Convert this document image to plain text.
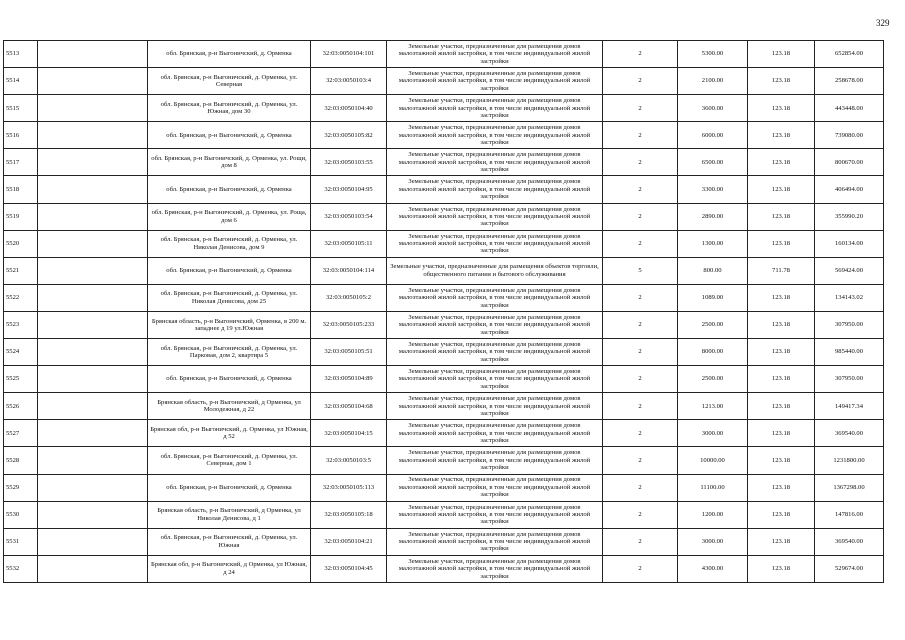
329
5513		обл. Брянская, р-н Выгоничский, д. Орменка	32:03:0050104:101	Земельные участки, предназначенные для размещения домов малоэтажной жилой застройки, в том числе индивидуальной жилой застройки	2	5300.00	123.18	652854.00
5514		обл. Брянская, р-н Выгоничский, д. Орменка, ул. Северная	32:03:0050103:4	Земельные участки, предназначенные для размещения домов малоэтажной жилой застройки, в том числе индивидуальной жилой застройки	2	2100.00	123.18	258678.00
5515		обл. Брянская, р-н Выгоничский, д. Орменка, ул. Южная, дом 30	32:03:0050104:40	Земельные участки, предназначенные для размещения домов малоэтажной жилой застройки, в том числе индивидуальной жилой застройки	2	3600.00	123.18	443448.00
5516		обл. Брянская, р-н Выгоничский, д. Орменка	32:03:0050105:82	Земельные участки, предназначенные для размещения домов малоэтажной жилой застройки, в том числе индивидуальной жилой застройки	2	6000.00	123.18	739080.00
5517		обл. Брянская, р-н Выгоничский, д. Орменка, ул. Рощи, дом 8	32:03:0050103:55	Земельные участки, предназначенные для размещения домов малоэтажной жилой застройки, в том числе индивидуальной жилой застройки	2	6500.00	123.18	800670.00
5518		обл. Брянская, р-н Выгоничский, д. Орменка	32:03:0050104:95	Земельные участки, предназначенные для размещения домов малоэтажной жилой застройки, в том числе индивидуальной жилой застройки	2	3300.00	123.18	406494.00
5519		обл. Брянская, р-н Выгоничский, д. Орменка, ул. Роща, дом 6	32:03:0050103:54	Земельные участки, предназначенные для размещения домов малоэтажной жилой застройки, в том числе индивидуальной жилой застройки	2	2890.00	123.18	355990.20
5520		обл. Брянская, р-н Выгоничский, д. Орменка, ул. Николая Денисова, дом 9	32:03:0050105:11	Земельные участки, предназначенные для размещения домов малоэтажной жилой застройки, в том числе индивидуальной жилой застройки	2	1300.00	123.18	160134.00
5521		обл. Брянская, р-н Выгоничский, д. Орменка	32:03:0050104:114	Земельные участки, предназначенные для размещения объектов торговли, общественного питания и бытового обслуживания	5	800.00	711.78	569424.00
5522		обл. Брянская, р-н Выгоничский, д. Орменка, ул. Николая Денисова, дом 25	32:03:0050105:2	Земельные участки, предназначенные для размещения домов малоэтажной жилой застройки, в том числе индивидуальной жилой застройки	2	1089.00	123.18	134143.02
5523		Брянская область, р-н Выгоничский, Орменка, в 200 м. западнее д 19 ул.Южная	32:03:0050105:233	Земельные участки, предназначенные для размещения домов малоэтажной жилой застройки, в том числе индивидуальной жилой застройки	2	2500.00	123.18	307950.00
5524		обл. Брянская, р-н Выгоничский, д. Орменка, ул. Парковая, дом 2, квартира 5	32:03:0050105:51	Земельные участки, предназначенные для размещения домов малоэтажной жилой застройки, в том числе индивидуальной жилой застройки	2	8000.00	123.18	985440.00
5525		обл. Брянская, р-н Выгоничский, д. Орменка	32:03:0050104:89	Земельные участки, предназначенные для размещения домов малоэтажной жилой застройки, в том числе индивидуальной жилой застройки	2	2500.00	123.18	307950.00
5526		Брянская область, р-н Выгоничский, д Орменка, ул Молодежная, д 22	32:03:0050104:68	Земельные участки, предназначенные для размещения домов малоэтажной жилой застройки, в том числе индивидуальной жилой застройки	2	1213.00	123.18	149417.34
5527		Брянская обл, р-н Выгоничский, д. Орменка, ул Южная, д 52	32:03:0050104:15	Земельные участки, предназначенные для размещения домов малоэтажной жилой застройки, в том числе индивидуальной жилой застройки	2	3000.00	123.18	369540.00
5528		обл. Брянская, р-н Выгоничский, д. Орменка, ул. Северная, дом 1	32:03:0050103:5	Земельные участки, предназначенные для размещения домов малоэтажной жилой застройки, в том числе индивидуальной жилой застройки	2	10000.00	123.18	1231800.00
5529		обл. Брянская, р-н Выгоничский, д. Орменка	32:03:0050105:113	Земельные участки, предназначенные для размещения домов малоэтажной жилой застройки, в том числе индивидуальной жилой застройки	2	11100.00	123.18	1367298.00
5530		Брянская область, р-н Выгоничский, д Орменка, ул Николая Денисова, д 1	32:03:0050105:18	Земельные участки, предназначенные для размещения домов малоэтажной жилой застройки, в том числе индивидуальной жилой застройки	2	1200.00	123.18	147816.00
5531		обл. Брянская, р-н Выгоничский, д. Орменка, ул. Южная	32:03:0050104:21	Земельные участки, предназначенные для размещения домов малоэтажной жилой застройки, в том числе индивидуальной жилой застройки	2	3000.00	123.18	369540.00
5532		Брянская обл, р-н Выгоничский, д Орменка, ул Южная, д 24	32:03:0050104:45	Земельные участки, предназначенные для размещения домов малоэтажной жилой застройки, в том числе индивидуальной жилой застройки	2	4300.00	123.18	529674.00
